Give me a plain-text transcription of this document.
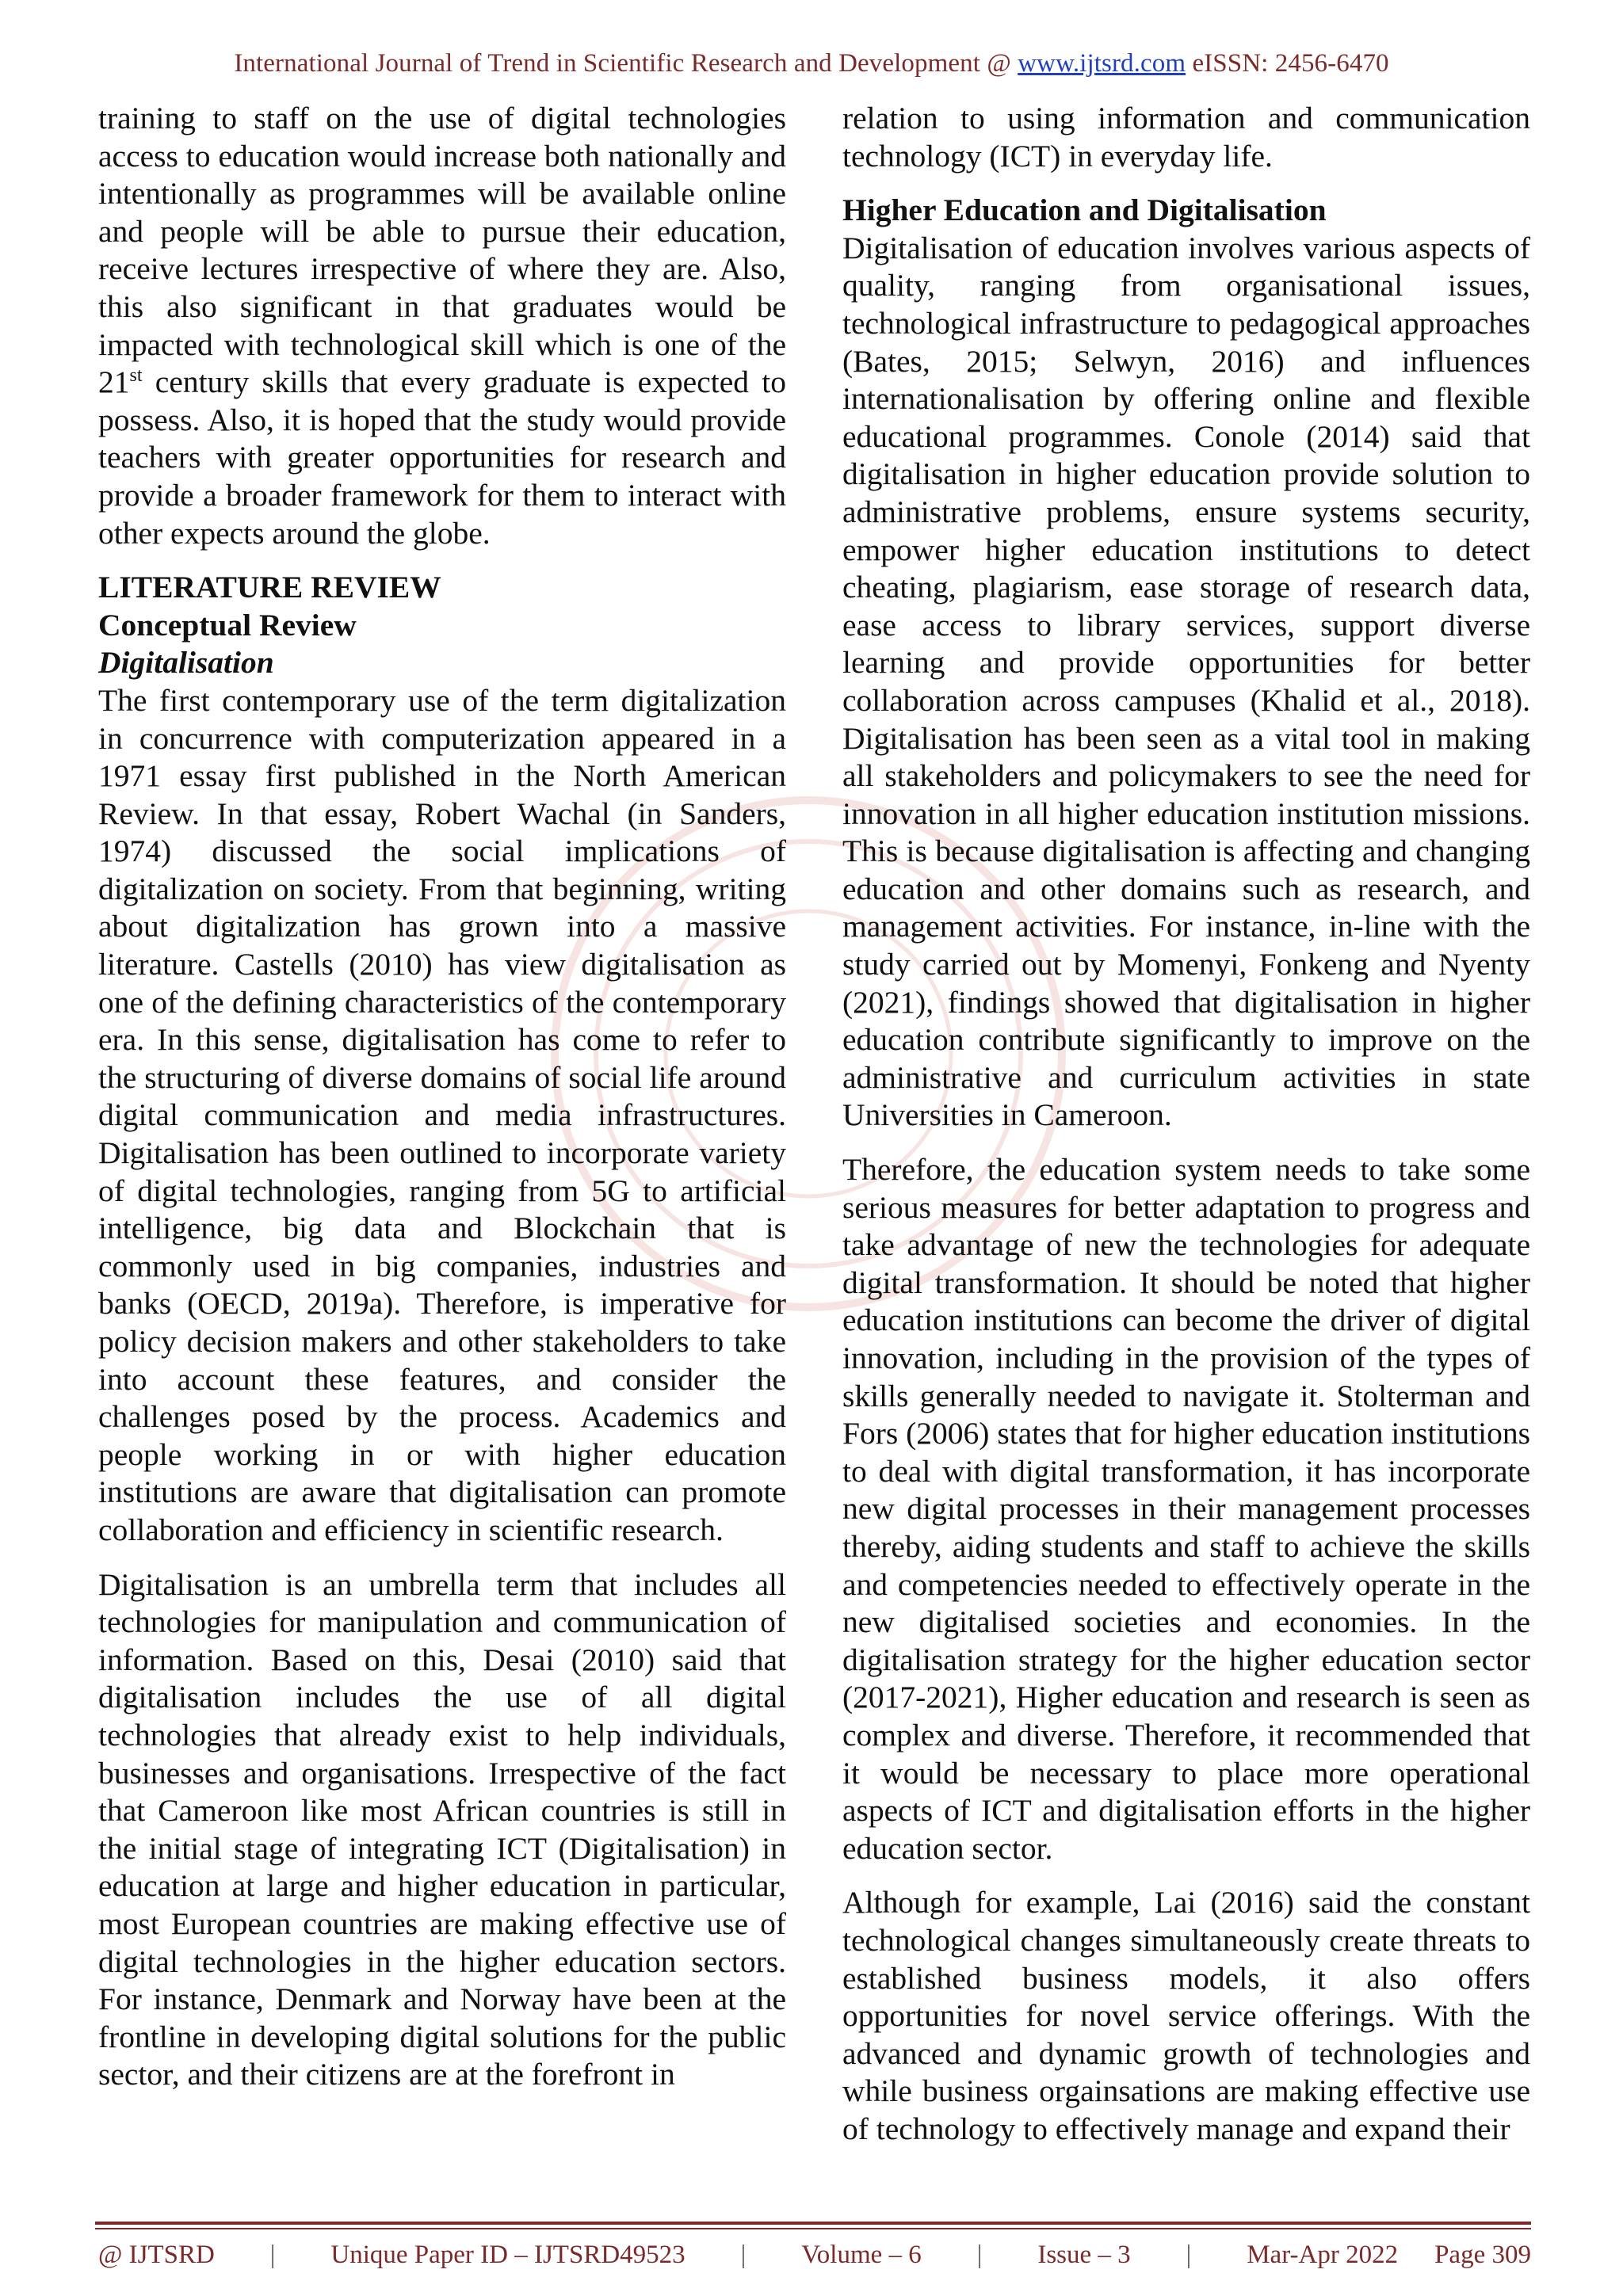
International Journal of Trend in Scientific Research and Development @ www.ijtsrd.com eISSN: 2456-6470

training to staff on the use of digital technologies access to education would increase both nationally and intentionally as programmes will be available online and people will be able to pursue their education, receive lectures irrespective of where they are. Also, this also significant in that graduates would be impacted with technological skill which is one of the 21st century skills that every graduate is expected to possess. Also, it is hoped that the study would provide teachers with greater opportunities for research and provide a broader framework for them to interact with other expects around the globe.

LITERATURE REVIEW
Conceptual Review
Digitalisation

The first contemporary use of the term digitalization in concurrence with computerization appeared in a 1971 essay first published in the North American Review. In that essay, Robert Wachal (in Sanders, 1974) discussed the social implications of digitalization on society. From that beginning, writing about digitalization has grown into a massive literature. Castells (2010) has view digitalisation as one of the defining characteristics of the contemporary era. In this sense, digitalisation has come to refer to the structuring of diverse domains of social life around digital communication and media infrastructures. Digitalisation has been outlined to incorporate variety of digital technologies, ranging from 5G to artificial intelligence, big data and Blockchain that is commonly used in big companies, industries and banks (OECD, 2019a). Therefore, is imperative for policy decision makers and other stakeholders to take into account these features, and consider the challenges posed by the process. Academics and people working in or with higher education institutions are aware that digitalisation can promote collaboration and efficiency in scientific research.

Digitalisation is an umbrella term that includes all technologies for manipulation and communication of information. Based on this, Desai (2010) said that digitalisation includes the use of all digital technologies that already exist to help individuals, businesses and organisations. Irrespective of the fact that Cameroon like most African countries is still in the initial stage of integrating ICT (Digitalisation) in education at large and higher education in particular, most European countries are making effective use of digital technologies in the higher education sectors. For instance, Denmark and Norway have been at the frontline in developing digital solutions for the public sector, and their citizens are at the forefront in

relation to using information and communication technology (ICT) in everyday life.

Higher Education and Digitalisation

Digitalisation of education involves various aspects of quality, ranging from organisational issues, technological infrastructure to pedagogical approaches (Bates, 2015; Selwyn, 2016) and influences internationalisation by offering online and flexible educational programmes. Conole (2014) said that digitalisation in higher education provide solution to administrative problems, ensure systems security, empower higher education institutions to detect cheating, plagiarism, ease storage of research data, ease access to library services, support diverse learning and provide opportunities for better collaboration across campuses (Khalid et al., 2018). Digitalisation has been seen as a vital tool in making all stakeholders and policymakers to see the need for innovation in all higher education institution missions. This is because digitalisation is affecting and changing education and other domains such as research, and management activities. For instance, in-line with the study carried out by Momenyi, Fonkeng and Nyenty (2021), findings showed that digitalisation in higher education contribute significantly to improve on the administrative and curriculum activities in state Universities in Cameroon.

Therefore, the education system needs to take some serious measures for better adaptation to progress and take advantage of new the technologies for adequate digital transformation. It should be noted that higher education institutions can become the driver of digital innovation, including in the provision of the types of skills generally needed to navigate it. Stolterman and Fors (2006) states that for higher education institutions to deal with digital transformation, it has incorporate new digital processes in their management processes thereby, aiding students and staff to achieve the skills and competencies needed to effectively operate in the new digitalised societies and economies. In the digitalisation strategy for the higher education sector (2017-2021), Higher education and research is seen as complex and diverse. Therefore, it recommended that it would be necessary to place more operational aspects of ICT and digitalisation efforts in the higher education sector.

Although for example, Lai (2016) said the constant technological changes simultaneously create threats to established business models, it also offers opportunities for novel service offerings. With the advanced and dynamic growth of technologies and while business orgainsations are making effective use of technology to effectively manage and expand their

@ IJTSRD | Unique Paper ID – IJTSRD49523 | Volume – 6 | Issue – 3 | Mar-Apr 2022 Page 309
